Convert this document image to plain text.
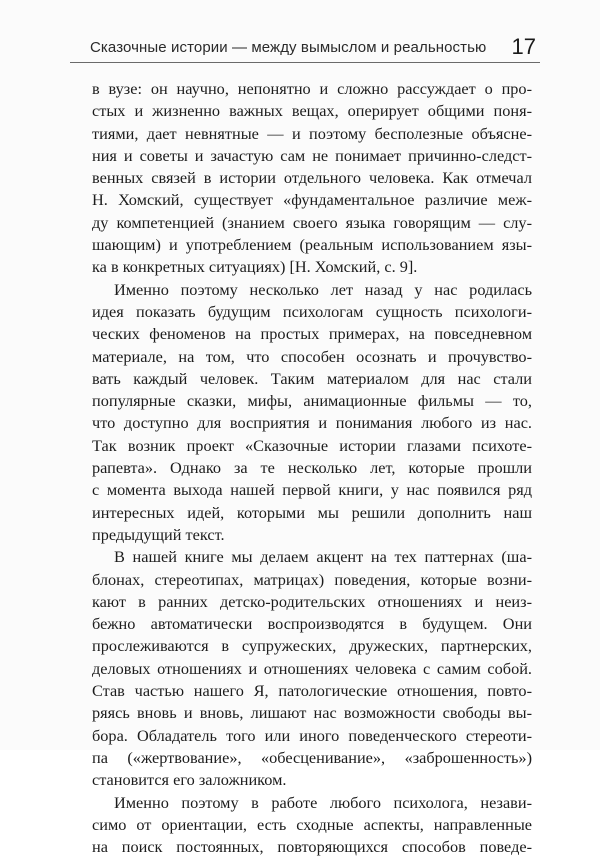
Сказочные истории — между вымыслом и реальностью 17
в вузе: он научно, непонятно и сложно рассуждает о про-
стых и жизненно важных вещах, оперирует общими поня-
тиями, дает невнятные — и поэтому бесполезные объясне-
ния и советы и зачастую сам не понимает причинно-следст-
венных связей в истории отдельного человека. Как отмечал
Н. Хомский, существует «фундаментальное различие меж-
ду компетенцией (знанием своего языка говорящим — слу-
шающим) и употреблением (реальным использованием язы-
ка в конкретных ситуациях) [Н. Хомский, с. 9].
Именно поэтому несколько лет назад у нас родилась
идея показать будущим психологам сущность психологи-
ческих феноменов на простых примерах, на повседневном
материале, на том, что способен осознать и прочувство-
вать каждый человек. Таким материалом для нас стали
популярные сказки, мифы, анимационные фильмы — то,
что доступно для восприятия и понимания любого из нас.
Так возник проект «Сказочные истории глазами психоте-
рапевта». Однако за те несколько лет, которые прошли
с момента выхода нашей первой книги, у нас появился ряд
интересных идей, которыми мы решили дополнить наш
предыдущий текст.
В нашей книге мы делаем акцент на тех паттернах (ша-
блонах, стереотипах, матрицах) поведения, которые возни-
кают в ранних детско-родительских отношениях и неиз-
бежно автоматически воспроизводятся в будущем. Они
прослеживаются в супружеских, дружеских, партнерских,
деловых отношениях и отношениях человека с самим собой.
Став частью нашего Я, патологические отношения, повто-
ряясь вновь и вновь, лишают нас возможности свободы вы-
бора. Обладатель того или иного поведенческого стереоти-
па («жертвование», «обесценивание», «заброшенность»)
становится его заложником.
Именно поэтому в работе любого психолога, незави-
симо от ориентации, есть сходные аспекты, направленные
на поиск постоянных, повторяющихся способов поведе-
